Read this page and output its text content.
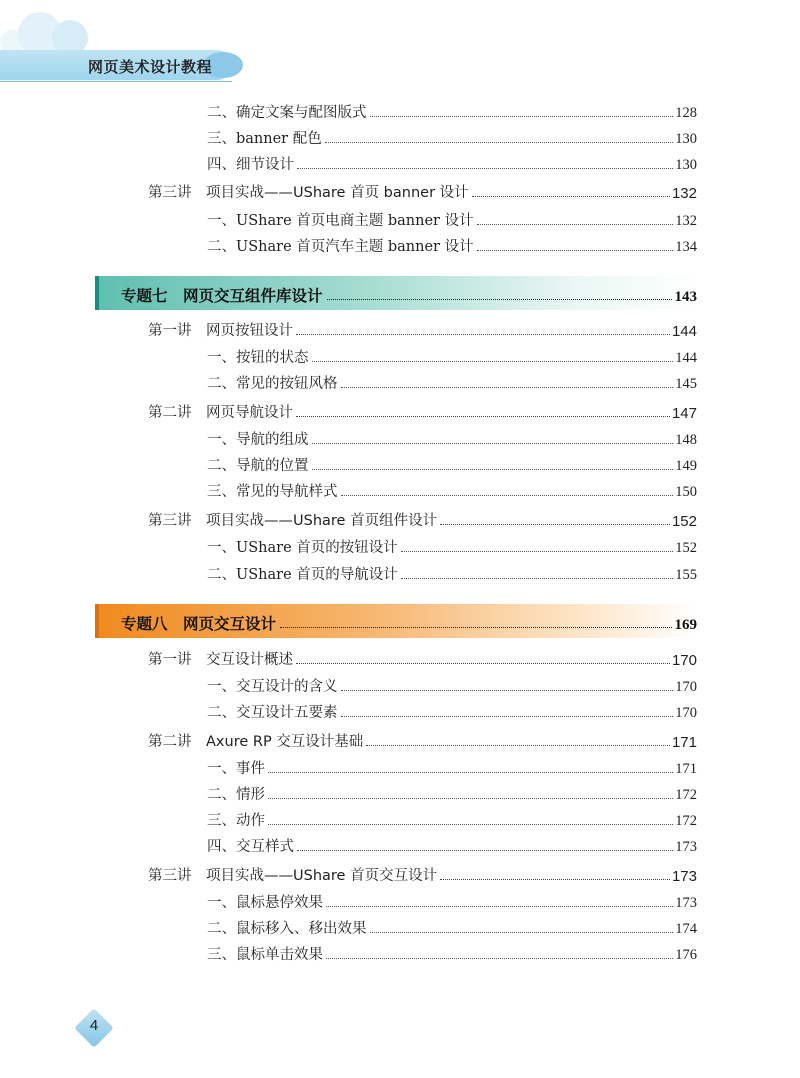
网页美术设计教程
二、确定文案与配图版式	128
三、banner 配色	130
四、细节设计	130
第三讲 项目实战——UShare 首页 banner 设计	132
一、UShare 首页电商主题 banner 设计	132
二、UShare 首页汽车主题 banner 设计	134
专题七　网页交互组件库设计	143
第一讲 网页按钮设计	144
一、按钮的状态	144
二、常见的按钮风格	145
第二讲 网页导航设计	147
一、导航的组成	148
二、导航的位置	149
三、常见的导航样式	150
第三讲 项目实战——UShare 首页组件设计	152
一、UShare 首页的按钮设计	152
二、UShare 首页的导航设计	155
专题八　网页交互设计	169
第一讲 交互设计概述	170
一、交互设计的含义	170
二、交互设计五要素	170
第二讲 Axure RP 交互设计基础	171
一、事件	171
二、情形	172
三、动作	172
四、交互样式	173
第三讲 项目实战——UShare 首页交互设计	173
一、鼠标悬停效果	173
二、鼠标移入、移出效果	174
三、鼠标单击效果	176
4
